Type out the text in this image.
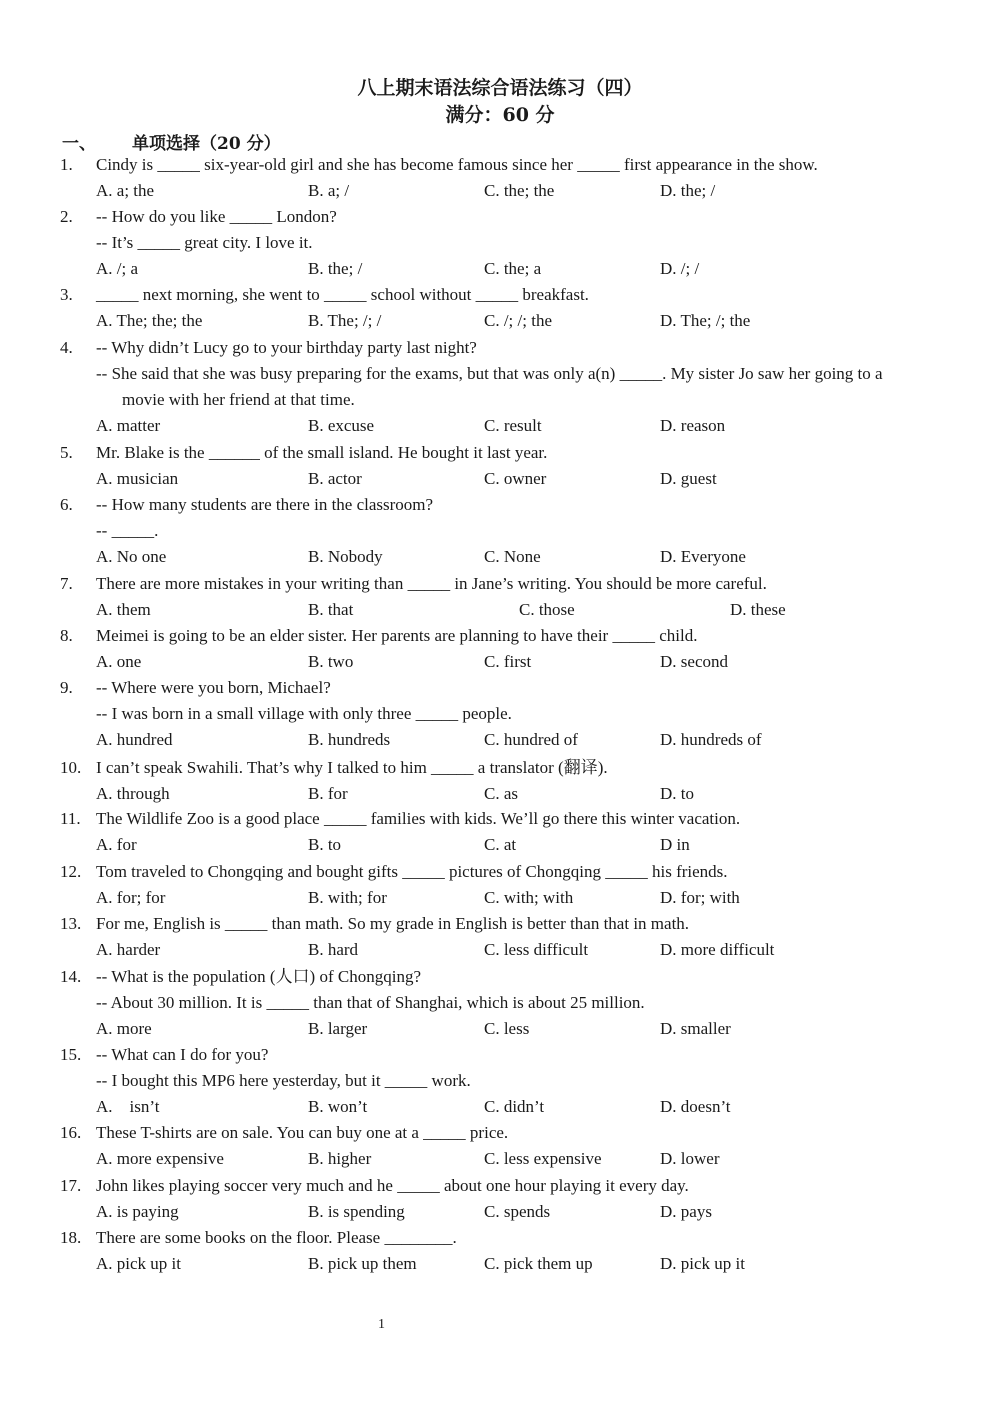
八上期末语法综合语法练习（四）
满分：60 分
一、 单项选择（20 分）
1.	Cindy is _____ six-year-old girl and she has become famous since her _____ first appearance in the show.
A. a; the	B. a; /	C. the; the	D. the; /
2.	-- How do you like _____ London?
-- It’s _____ great city. I love it.
A. /; a	B. the; /	C. the; a	D. /; /
3.	_____ next morning, she went to _____ school without _____ breakfast.
A. The; the; the	B. The; /; /	C. /; /; the	D. The; /; the
4.	-- Why didn’t Lucy go to your birthday party last night?
-- She said that she was busy preparing for the exams, but that was only a(n) _____. My sister Jo saw her going to a
movie with her friend at that time.
A. matter	B. excuse	C. result	D. reason
5.	Mr. Blake is the ______ of the small island. He bought it last year.
A. musician	B. actor	C. owner	D. guest
6.	-- How many students are there in the classroom?
-- _____.
A. No one	B. Nobody	C. None	D. Everyone
7.	There are more mistakes in your writing than _____ in Jane’s writing. You should be more careful.
A. them	B. that	C. those	D. these
8.	Meimei is going to be an elder sister. Her parents are planning to have their _____ child.
A. one	B. two	C. first	D. second
9.	-- Where were you born, Michael?
-- I was born in a small village with only three _____ people.
A. hundred	B. hundreds	C. hundred of	D. hundreds of
10. I can’t speak Swahili. That’s why I talked to him _____ a translator (翻译).
A. through	B. for	C. as	D. to
11. The Wildlife Zoo is a good place _____ families with kids. We’ll go there this winter vacation.
A. for	B. to	C. at	D in
12. Tom traveled to Chongqing and bought gifts _____ pictures of Chongqing _____ his friends.
A. for; for	B. with; for	C. with; with	D. for; with
13. For me, English is _____ than math. So my grade in English is better than that in math.
A. harder	B. hard	C. less difficult	D. more difficult
14. -- What is the population (人口) of Chongqing?
-- About 30 million. It is _____ than that of Shanghai, which is about 25 million.
A. more	B. larger	C. less	D. smaller
15. -- What can I do for you?
-- I bought this MP6 here yesterday, but it _____ work.
A.    isn’t	B. won’t	C. didn’t	D. doesn’t
16. These T-shirts are on sale. You can buy one at a _____ price.
A. more expensive	B. higher	C. less expensive	D. lower
17. John likes playing soccer very much and he _____ about one hour playing it every day.
A. is paying	B. is spending	C. spends	D. pays
18. There are some books on the floor. Please ________.
A. pick up it	B. pick up them	C. pick them up	D. pick up it
1
